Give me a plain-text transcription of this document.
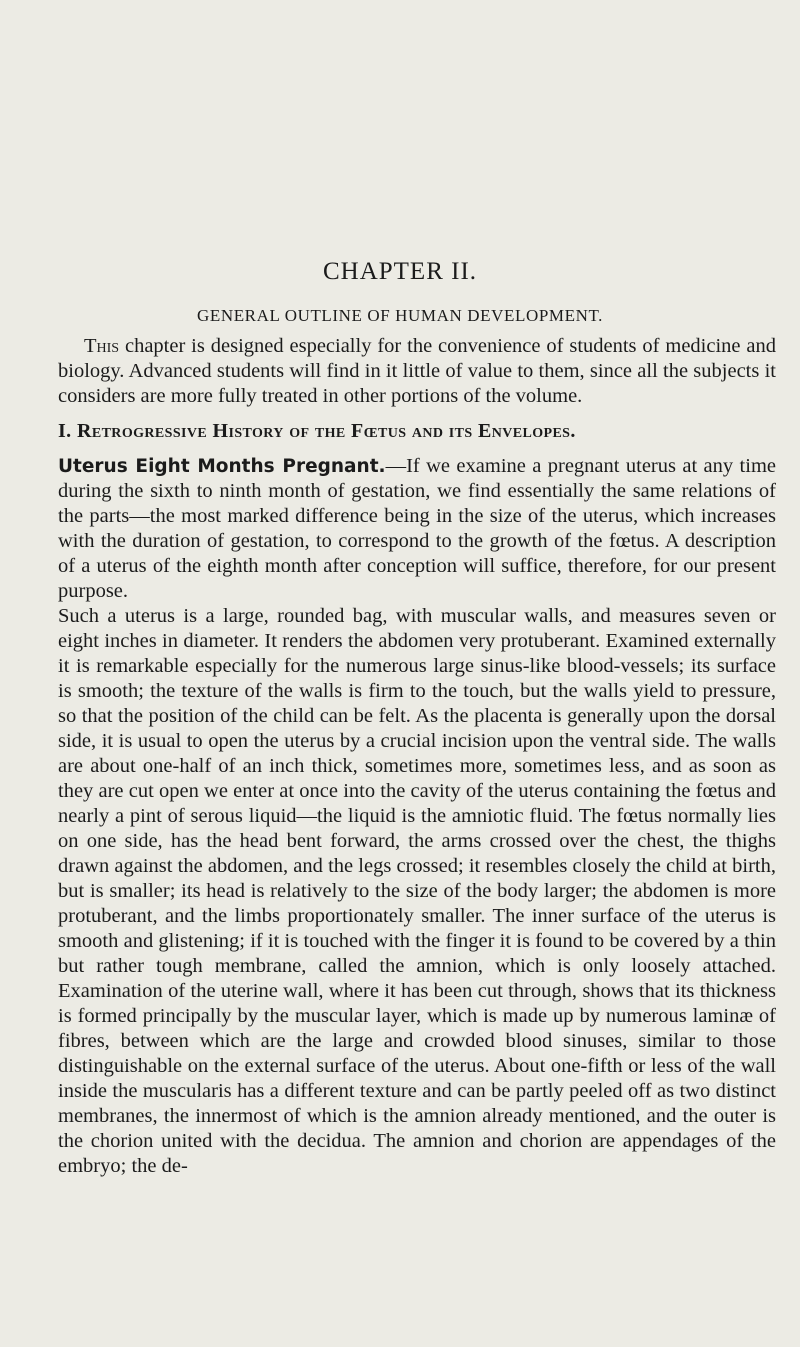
CHAPTER II.
GENERAL OUTLINE OF HUMAN DEVELOPMENT.

This chapter is designed especially for the convenience of students of medicine and biology. Advanced students will find in it little of value to them, since all the subjects it considers are more fully treated in other portions of the volume.

I. Retrogressive History of the Fœtus and its Envelopes.

Uterus Eight Months Pregnant.—If we examine a pregnant uterus at any time during the sixth to ninth month of gestation, we find essentially the same relations of the parts—the most marked difference being in the size of the uterus, which increases with the duration of gestation, to correspond to the growth of the fœtus. A description of a uterus of the eighth month after conception will suffice, therefore, for our present purpose.

Such a uterus is a large, rounded bag, with muscular walls, and measures seven or eight inches in diameter. It renders the abdomen very protuberant. Examined externally it is remarkable especially for the numerous large sinus-like blood-vessels; its surface is smooth; the texture of the walls is firm to the touch, but the walls yield to pressure, so that the position of the child can be felt. As the placenta is generally upon the dorsal side, it is usual to open the uterus by a crucial incision upon the ventral side. The walls are about one-half of an inch thick, sometimes more, sometimes less, and as soon as they are cut open we enter at once into the cavity of the uterus containing the fœtus and nearly a pint of serous liquid—the liquid is the amniotic fluid. The fœtus normally lies on one side, has the head bent forward, the arms crossed over the chest, the thighs drawn against the abdomen, and the legs crossed; it resembles closely the child at birth, but is smaller; its head is relatively to the size of the body larger; the abdomen is more protuberant, and the limbs proportionately smaller. The inner surface of the uterus is smooth and glistening; if it is touched with the finger it is found to be covered by a thin but rather tough membrane, called the amnion, which is only loosely attached. Examination of the uterine wall, where it has been cut through, shows that its thickness is formed principally by the muscular layer, which is made up by numerous laminæ of fibres, between which are the large and crowded blood sinuses, similar to those distinguishable on the external surface of the uterus. About one-fifth or less of the wall inside the muscularis has a different texture and can be partly peeled off as two distinct membranes, the innermost of which is the amnion already mentioned, and the outer is the chorion united with the decidua. The amnion and chorion are appendages of the embryo; the de-
